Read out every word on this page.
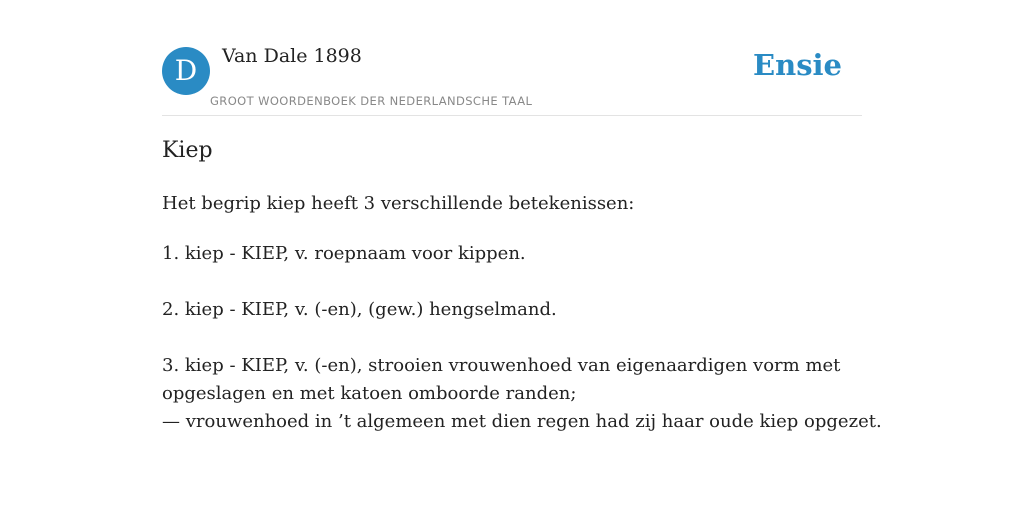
D	Van Dale 1898
GROOT WOORDENBOEK DER NEDERLANDSCHE TAAL
Ensie
Kiep

Het begrip kiep heeft 3 verschillende betekenissen:

1. kiep - KIEP, v. roepnaam voor kippen.
2. kiep - KIEP, v. (-en), (gew.) hengselmand.
3. kiep - KIEP, v. (-en), strooien vrouwenhoed van eigenaardigen vorm met
opgeslagen en met katoen omboorde randen;
— vrouwenhoed in ’t algemeen met dien regen had zij haar oude kiep opgezet.
